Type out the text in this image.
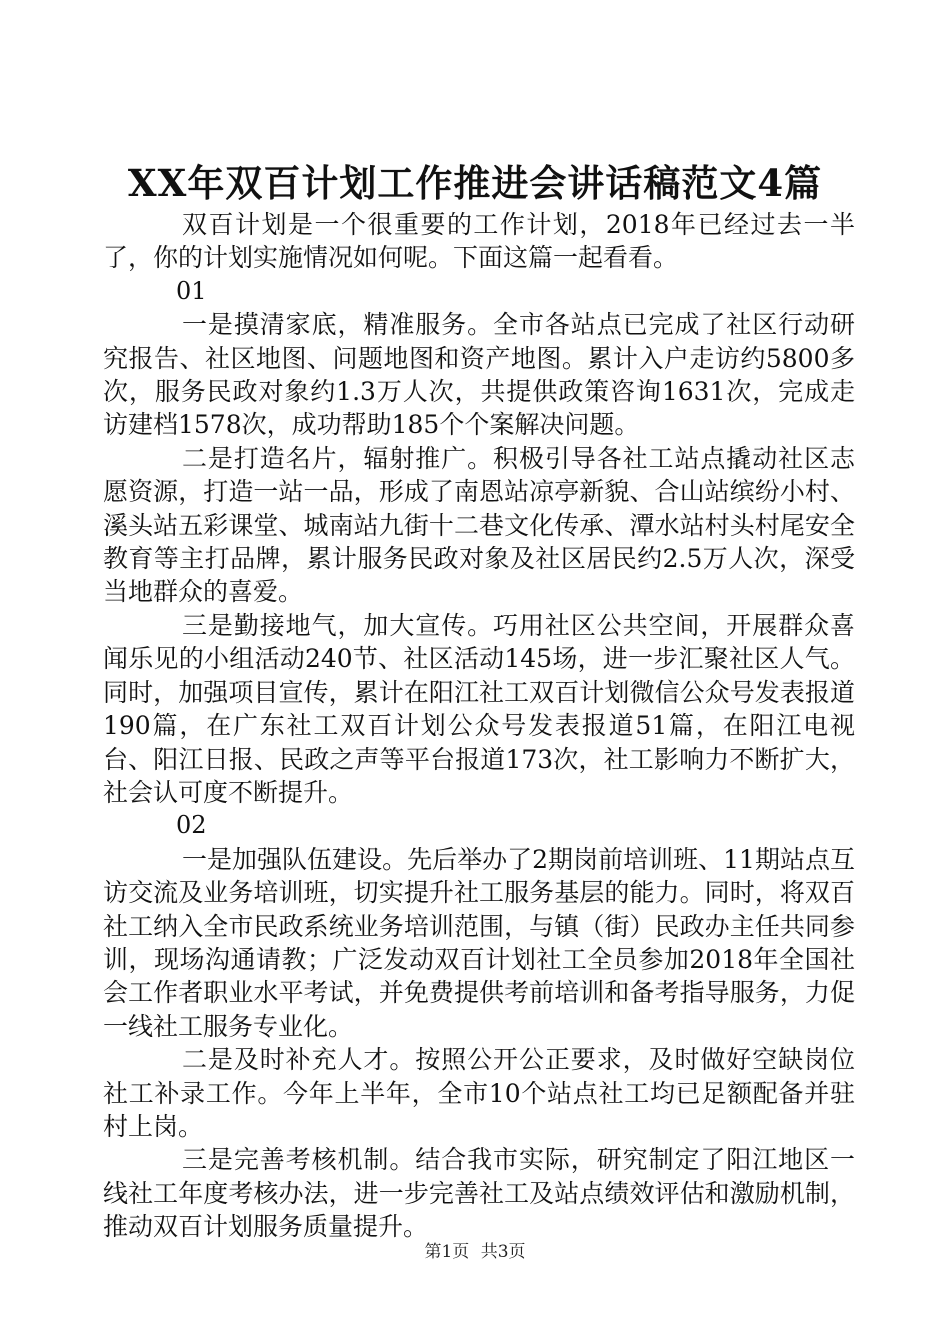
XX年双百计划工作推进会讲话稿范文4篇

双百计划是一个很重要的工作计划，2018年已经过去一半了，你的计划实施情况如何呢。下面这篇一起看看。

01

一是摸清家底，精准服务。全市各站点已完成了社区行动研究报告、社区地图、问题地图和资产地图。累计入户走访约5800多次，服务民政对象约1.3万人次，共提供政策咨询1631次，完成走访建档1578次，成功帮助185个个案解决问题。

二是打造名片，辐射推广。积极引导各社工站点撬动社区志愿资源，打造一站一品，形成了南恩站凉亭新貌、合山站缤纷小村、溪头站五彩课堂、城南站九街十二巷文化传承、潭水站村头村尾安全教育等主打品牌，累计服务民政对象及社区居民约2.5万人次，深受当地群众的喜爱。

三是勤接地气，加大宣传。巧用社区公共空间，开展群众喜闻乐见的小组活动240节、社区活动145场，进一步汇聚社区人气。同时，加强项目宣传，累计在阳江社工双百计划微信公众号发表报道190篇，在广东社工双百计划公众号发表报道51篇，在阳江电视台、阳江日报、民政之声等平台报道173次，社工影响力不断扩大，社会认可度不断提升。

02

一是加强队伍建设。先后举办了2期岗前培训班、11期站点互访交流及业务培训班，切实提升社工服务基层的能力。同时，将双百社工纳入全市民政系统业务培训范围，与镇（街）民政办主任共同参训，现场沟通请教；广泛发动双百计划社工全员参加2018年全国社会工作者职业水平考试，并免费提供考前培训和备考指导服务，力促一线社工服务专业化。

二是及时补充人才。按照公开公正要求，及时做好空缺岗位社工补录工作。今年上半年，全市10个站点社工均已足额配备并驻村上岗。

三是完善考核机制。结合我市实际，研究制定了阳江地区一线社工年度考核办法，进一步完善社工及站点绩效评估和激励机制，推动双百计划服务质量提升。

第1页 共3页
